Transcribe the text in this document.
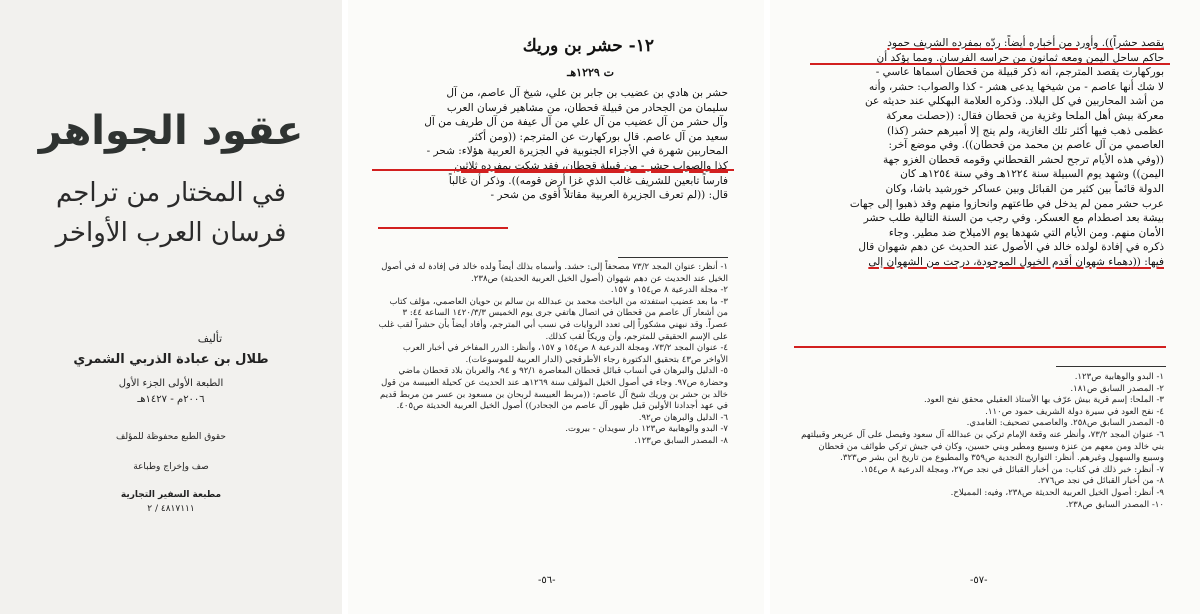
عقود الجواهر
في المختار من تراجم
فرسان العرب الأواخر
تأليف
طلال بن عبادة الذربي الشمري
الطبعة الأولى الجزء الأول
٢٠٠٦م - ١٤٢٧هـ
حقوق الطبع محفوظة للمؤلف
صف وإخراج وطباعة
مطبعة السفير التجارية
٤٨١٧١١١ / ٢
١٢- حشر بن وريك
ت ١٢٢٩هـ

حشر بن هادي بن عضيب بن جابر بن علي، شيخ آل عاصم، من آل

سليمان من الجحادر من قبيلة قحطان، من مشاهير فرسان العرب

وآل حشر من آل عضيب من آل علي من آل عيفة من آل طريف من آل

سعيد من آل عاصم. قال بوركهارت عن المترجم: ((ومن أكثر

المحاربين شهرة في الأجزاء الجنوبية في الجزيرة العربية هؤلاء: شحر -

كذا والصواب حشر - من قبيلة قحطان، فقد شكت بمفرده ثلاثين

فارساً تابعين للشريف غالب الذي غزا أرض قومه)). وذكر أن غالباً

قال: ((لم تعرف الجزيرة العربية مقاتلاً أقوى من شحر -

١- أنظر: عنوان المجد ٧٣/٢ مصحفاً إلى: حشد. وأسماه بذلك أيضاً ولده خالد في إفادة له في أصول الخيل عند الحديث عن دهم شهوان (أصول الخيل العربية الحديثة) ص٢٣٨.

٢- مجلة الدرعية ٨ ص١٥٤ و ١٥٧.

٣- ما بعد عضيب استفدته من الباحث محمد بن عبدالله بن سالم بن حويان العاصمي، مؤلف كتاب من أشعار آل عاصم من قحطان في اتصال هاتفي جرى يوم الخميس ١٤٢٠/٣/٣ الساعة ٤٤: ٣ عصراً. وقد نبهني مشكوراً إلى تعدد الروايات في نسب أبي المترجم، وأفاد أيضاً بأن حشراً لقب غلب على الإسم الحقيقي للمترجم، وأن وريكاً لقب كذلك.

٤- عنوان المجد ٧٣/٢، ومجلة الدرعية ٨ ص١٥٤ و ١٥٧، وأنظر: الدرر المفاخر في أخبار العرب الأواخر ص٤٣ بتحقيق الدكتورة رجاء الأطرقجي (الدار العربية للموسوعات).

٥- الدليل والبرهان في أنساب قبائل قحطان المعاصرة ٩٢/١ و ٩٤، والعربان بلاد قحطان ماضي وحضارة ص٩٧. وجاء في أصول الخيل المؤلف سنة ١٢٦٩هـ عند الحديث عن كحيلة العبيسة من قول خالد بن حشر بن وريك شيخ آل عاصم: ((مربط العبيسة لربحان بن مسعود بن عسر من مربط قديم في عهد أجدادنا الأولين قبل ظهور آل عاصم من الجحادر)) أصول الخيل العربية الحديثة ص٤٠٥.

٦- الدليل والبرهان ص٩٢.

٧- البدو والوهابية ص١٢٣ دار سويدان - بيروت.

٨- المصدر السابق ص١٢٣.

-٥٦-

يقصد حشراً)). وأورد من أخباره أيضاً: ردّه بمفرده الشريف حمود

حاكم ساحل اليمن ومعه ثمانون من حراسه الفرسان. ومما يؤكد أن

بوركهارت يقصد المترجم، أنه ذكر قبيلة من قحطان أسماها عاسي -

لا شك أنها عاصم - من شيخها يدعى هشر - كذا والصواب: حشر، وأنه

من أشد المحاربين في كل البلاد. وذكره العلامة البهكلي عند حديثه عن

معركة بيش أهل الملحا وغزية من قحطان فقال: ((حصلت معركة

عظمى ذهب فيها أكثر تلك الغازية، ولم ينج إلا أميرهم حشر (كذا)

العاصمي من آل عاصم بن محمد من قحطان)). وفي موضع آخر:

((وفي هذه الأيام ترجح لحشر القحطاني وقومه قحطان الغزو جهة

اليمن)) وشهد يوم السبيلة سنة ١٢٢٤هـ وفي سنة ١٢٥٤هـ كان

الدولة قائماً بين كثير من القبائل وبين عساكر خورشيد باشا، وكان

عرب حشر ممن لم يدخل في طاعتهم وانحازوا منهم وقد ذهبوا إلى جهات

بيشة بعد اصطدام مع العسكر. وفي رجب من السنة التالية طلب حشر

الأمان منهم. ومن الأيام التي شهدها يوم الاميلاح ضد مطير. وجاء

ذكره في إفادة لولده خالد في الأصول عند الحديث عن دهم شهوان قال

فيها: ((دهماء شهوان أقدم الخيول الموجودة، درجت من الشهوان إلى

١- البدو والوهابية ص١٢٣.

٢- المصدر السابق ص١٨١.

٣- الملحا: إسم قرية بيش عرّف بها الأستاذ العقيلي محقق نفح العود.

٤- نفح العود في سيرة دولة الشريف حمود ص١١٠.

٥- المصدر السابق ص٢٥٨. والعاصمي تصحيف: الغامدي.

٦- عنوان المجد ٧٣/٢، وأنظر عنه وقعة الإمام تركي بن عبدالله آل سعود وفيصل على آل عريعر وقبيلتهم بني خالد ومن معهم من عنزة وسبيع ومطير وبني حسين، وكان في جيش تركي طوائف من قحطان وسبيع والسهول وغيرهم. أنظر: التواريخ النجدية ص٣٥٩ والمطبوع من تاريخ ابن بشر ص٣٢٣.

٧- أنظر: خبر ذلك في كتاب: من أخبار القبائل في نجد ص٢٧، ومجلة الدرعية ٨ ص١٥٤.

٨- من أخبار القبائل في نجد ص٢٧٦.

٩- أنظر: أصول الخيل العربية الحديثة ص٢٣٨، وفيه: المميلاح.

١٠- المصدر السابق ص٢٣٨.

-٥٧-
